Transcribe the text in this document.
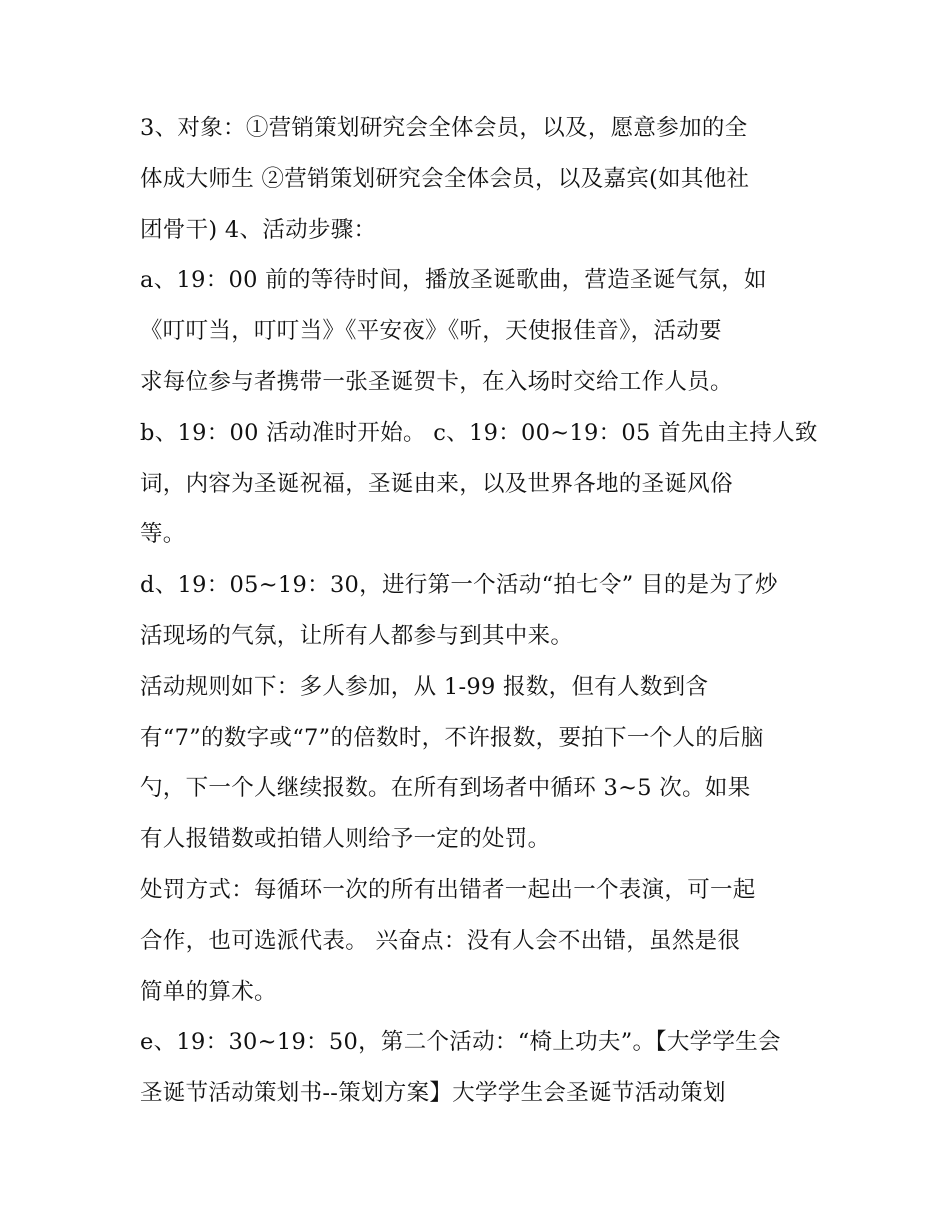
3、对象：①营销策划研究会全体会员，以及，愿意参加的全
体成大师生 ②营销策划研究会全体会员，以及嘉宾(如其他社
团骨干) 4、活动步骤：

a、19：00 前的等待时间，播放圣诞歌曲，营造圣诞气氛，如
《叮叮当，叮叮当》《平安夜》《听，天使报佳音》，活动要
求每位参与者携带一张圣诞贺卡，在入场时交给工作人员。

b、19：00 活动准时开始。 c、19：00~19：05 首先由主持人致
词，内容为圣诞祝福，圣诞由来，以及世界各地的圣诞风俗
等。

d、19：05~19：30，进行第一个活动“拍七令” 目的是为了炒
活现场的气氛，让所有人都参与到其中来。

活动规则如下：多人参加，从 1-99 报数，但有人数到含
有“7”的数字或“7”的倍数时，不许报数，要拍下一个人的后脑
勺，下一个人继续报数。在所有到场者中循环 3~5 次。如果
有人报错数或拍错人则给予一定的处罚。

处罚方式：每循环一次的所有出错者一起出一个表演，可一起
合作，也可选派代表。 兴奋点：没有人会不出错，虽然是很
简单的算术。

e、19：30~19：50，第二个活动：“椅上功夫”。【大学学生会
圣诞节活动策划书--策划方案】大学学生会圣诞节活动策划
